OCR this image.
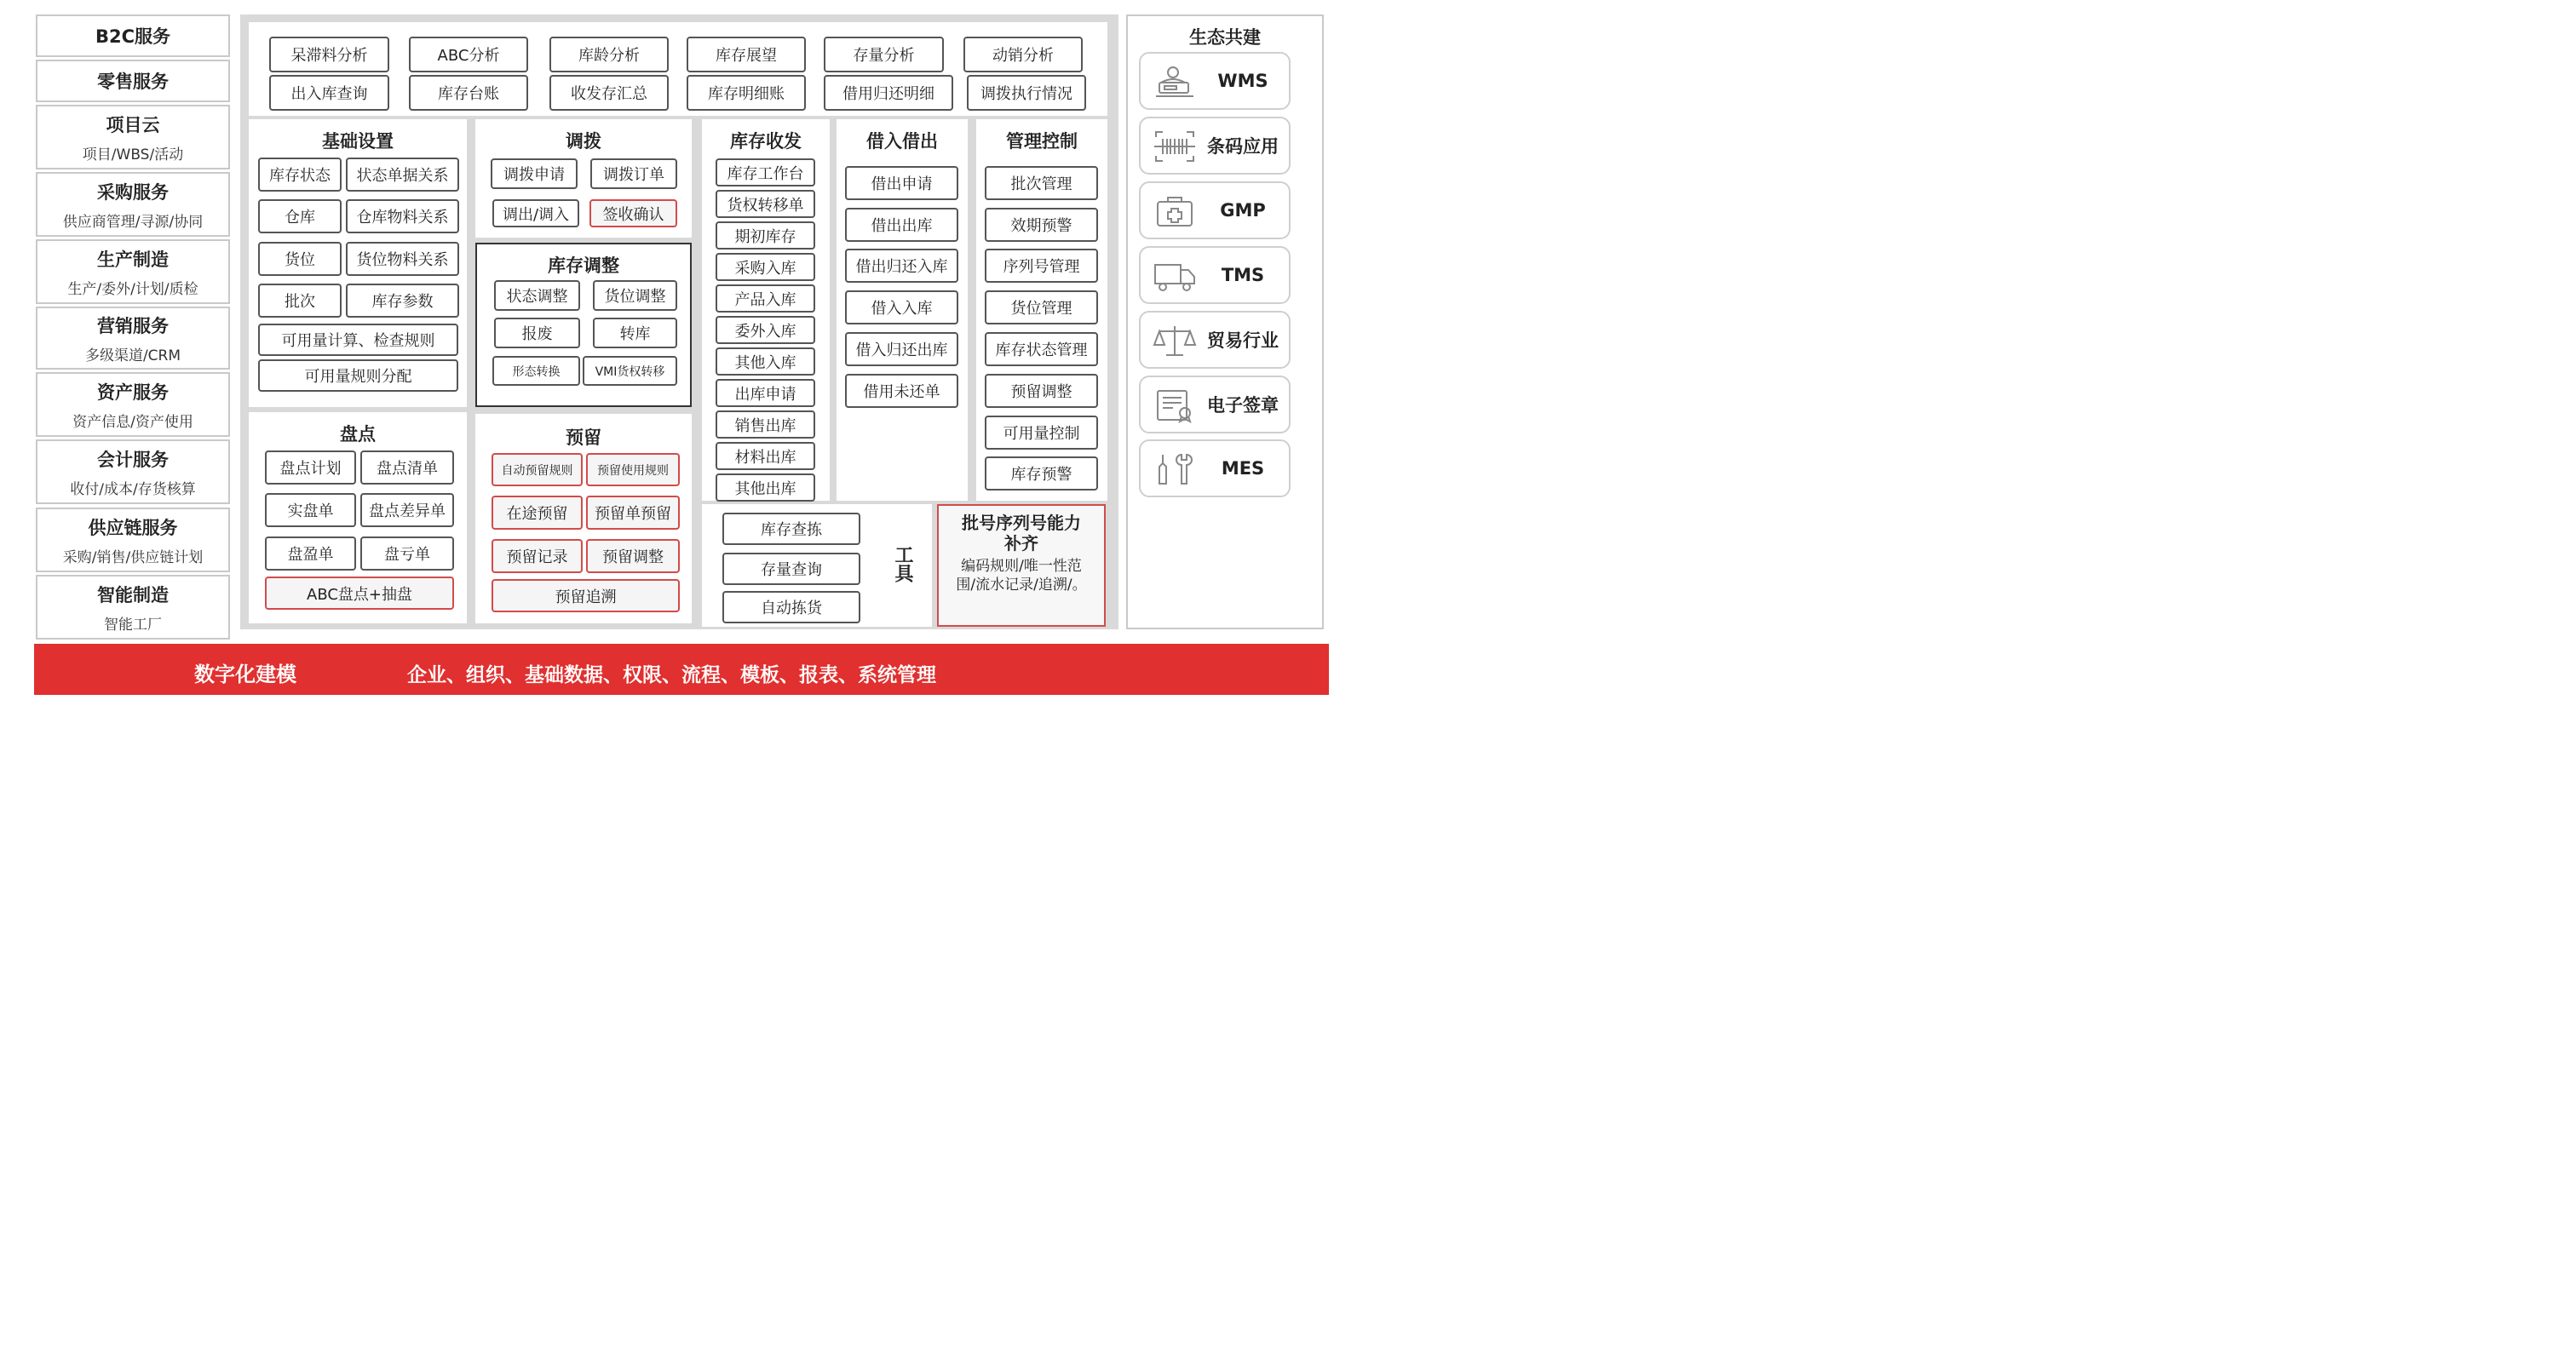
B2C服务
零售服务
项目云
项目/WBS/活动
采购服务
供应商管理/寻源/协同
生产制造
生产/委外/计划/质检
营销服务
多级渠道/CRM
资产服务
资产信息/资产使用
会计服务
收付/成本/存货核算
供应链服务
采购/销售/供应链计划
智能制造
智能工厂
呆滞料分析	ABC分析	库龄分析	库存展望	存量分析	动销分析
出入库查询	库存台账	收发存汇总	库存明细账	借用归还明细	调拨执行情况
基础设置
库存状态	状态单据关系
仓库	仓库物料关系
货位	货位物料关系
批次	库存参数
可用量计算、检查规则
可用量规则分配
调拨
调拨申请	调拨订单
调出/调入	签收确认
库存调整
状态调整	货位调整
报废	转库
形态转换	VMI货权转移
盘点
盘点计划	盘点清单
实盘单	盘点差异单
盘盈单	盘亏单
ABC盘点+抽盘
预留
自动预留规则	预留使用规则
在途预留	预留单预留
预留记录	预留调整
预留追溯
库存收发
库存工作台
货权转移单
期初库存
采购入库
产品入库
委外入库
其他入库
出库申请
销售出库
材料出库
其他出库
借入借出
借出申请
借出出库
借出归还入库
借入入库
借入归还出库
借用未还单
管理控制
批次管理
效期预警
序列号管理
货位管理
库存状态管理
预留调整
可用量控制
库存预警
库存查拣
存量查询
自动拣货
工具
批号序列号能力
补齐
编码规则/唯一性范
围/流水记录/追溯/。
生态共建
WMS
条码应用
GMP
TMS
贸易行业
电子签章
MES
数字化建模	企业、组织、基础数据、权限、流程、模板、报表、系统管理
